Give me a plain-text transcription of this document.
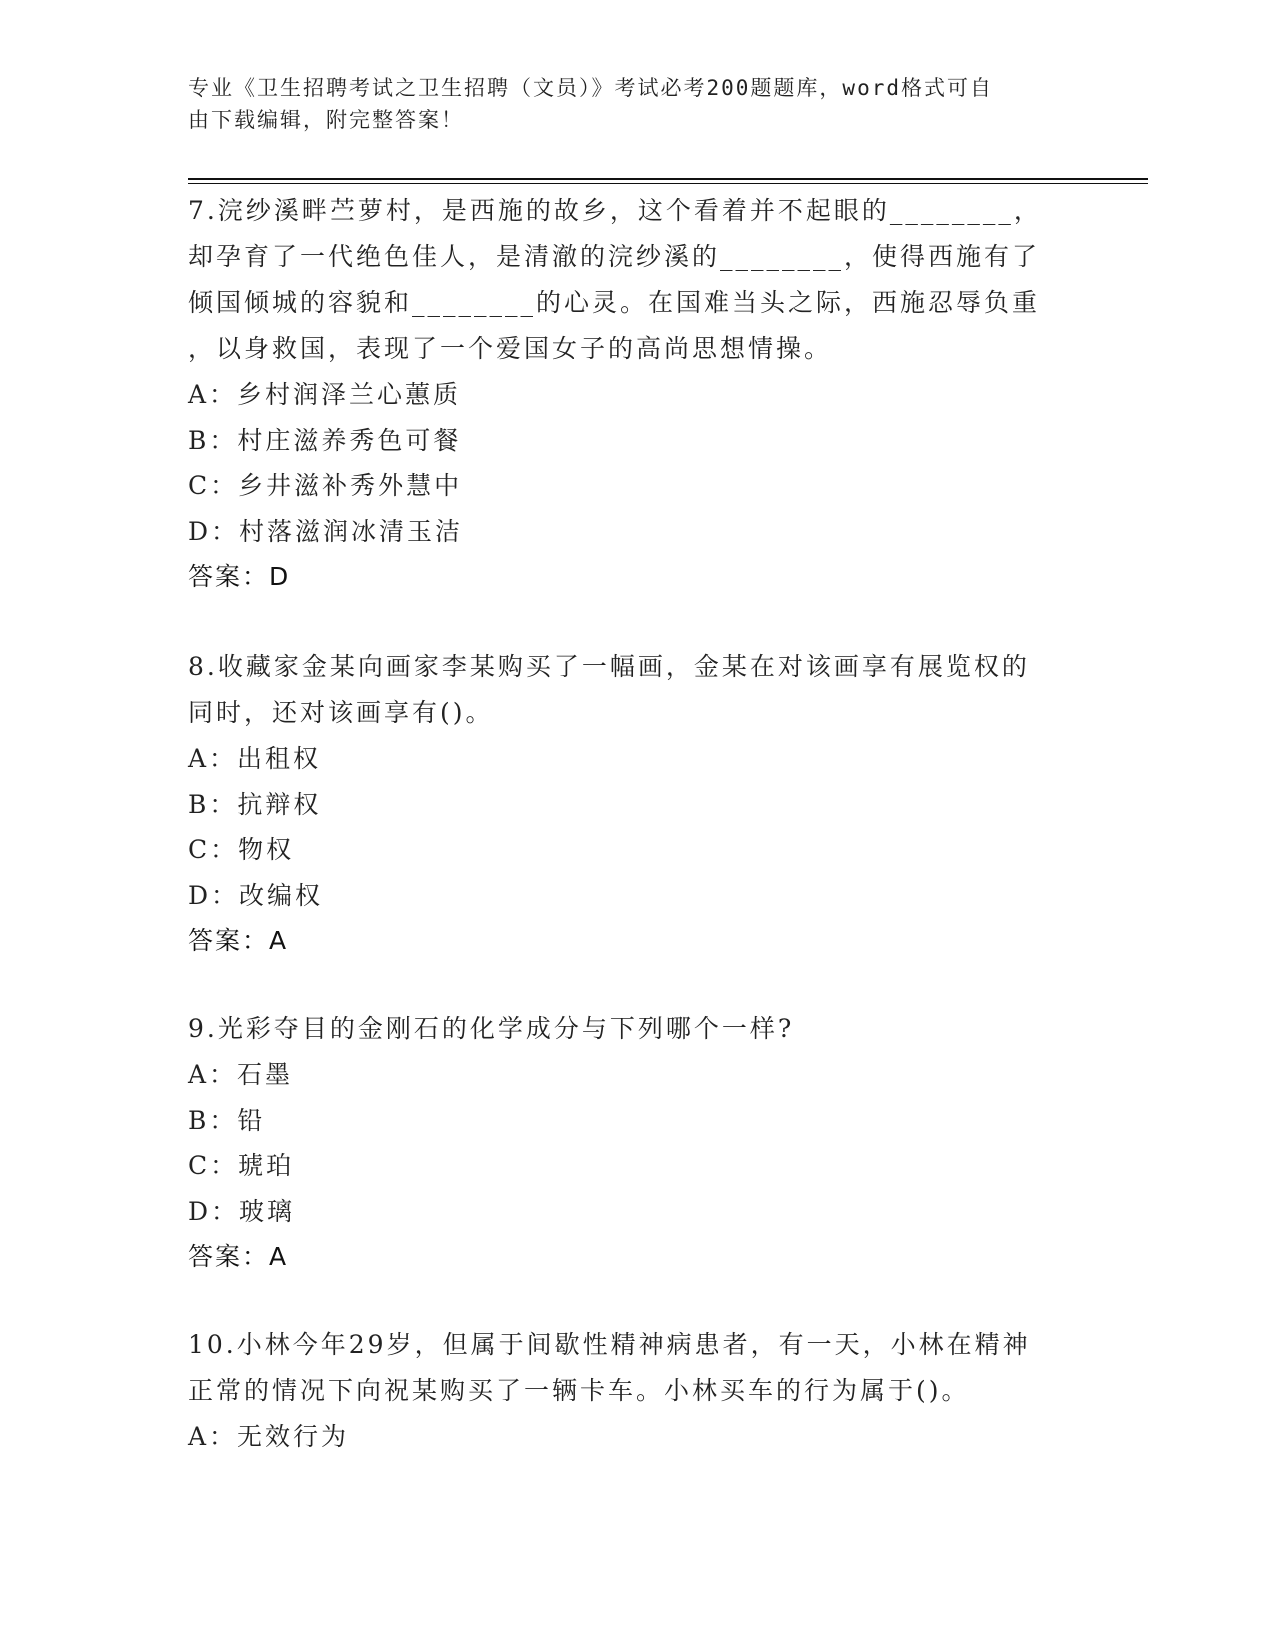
专业《卫生招聘考试之卫生招聘（文员）》考试必考200题题库，word格式可自
由下载编辑，附完整答案！

7.浣纱溪畔苎萝村，是西施的故乡，这个看着并不起眼的________，

却孕育了一代绝色佳人，是清澈的浣纱溪的________，使得西施有了

倾国倾城的容貌和________的心灵。在国难当头之际，西施忍辱负重

，以身救国，表现了一个爱国女子的高尚思想情操。

A：乡村润泽兰心蕙质

B：村庄滋养秀色可餐

C：乡井滋补秀外慧中

D：村落滋润冰清玉洁

答案：D

8.收藏家金某向画家李某购买了一幅画，金某在对该画享有展览权的

同时，还对该画享有()。

A：出租权

B：抗辩权

C：物权

D：改编权

答案：A

9.光彩夺目的金刚石的化学成分与下列哪个一样?

A：石墨

B：铅

C：琥珀

D：玻璃

答案：A

10.小林今年29岁，但属于间歇性精神病患者，有一天，小林在精神

正常的情况下向祝某购买了一辆卡车。小林买车的行为属于()。

A：无效行为
